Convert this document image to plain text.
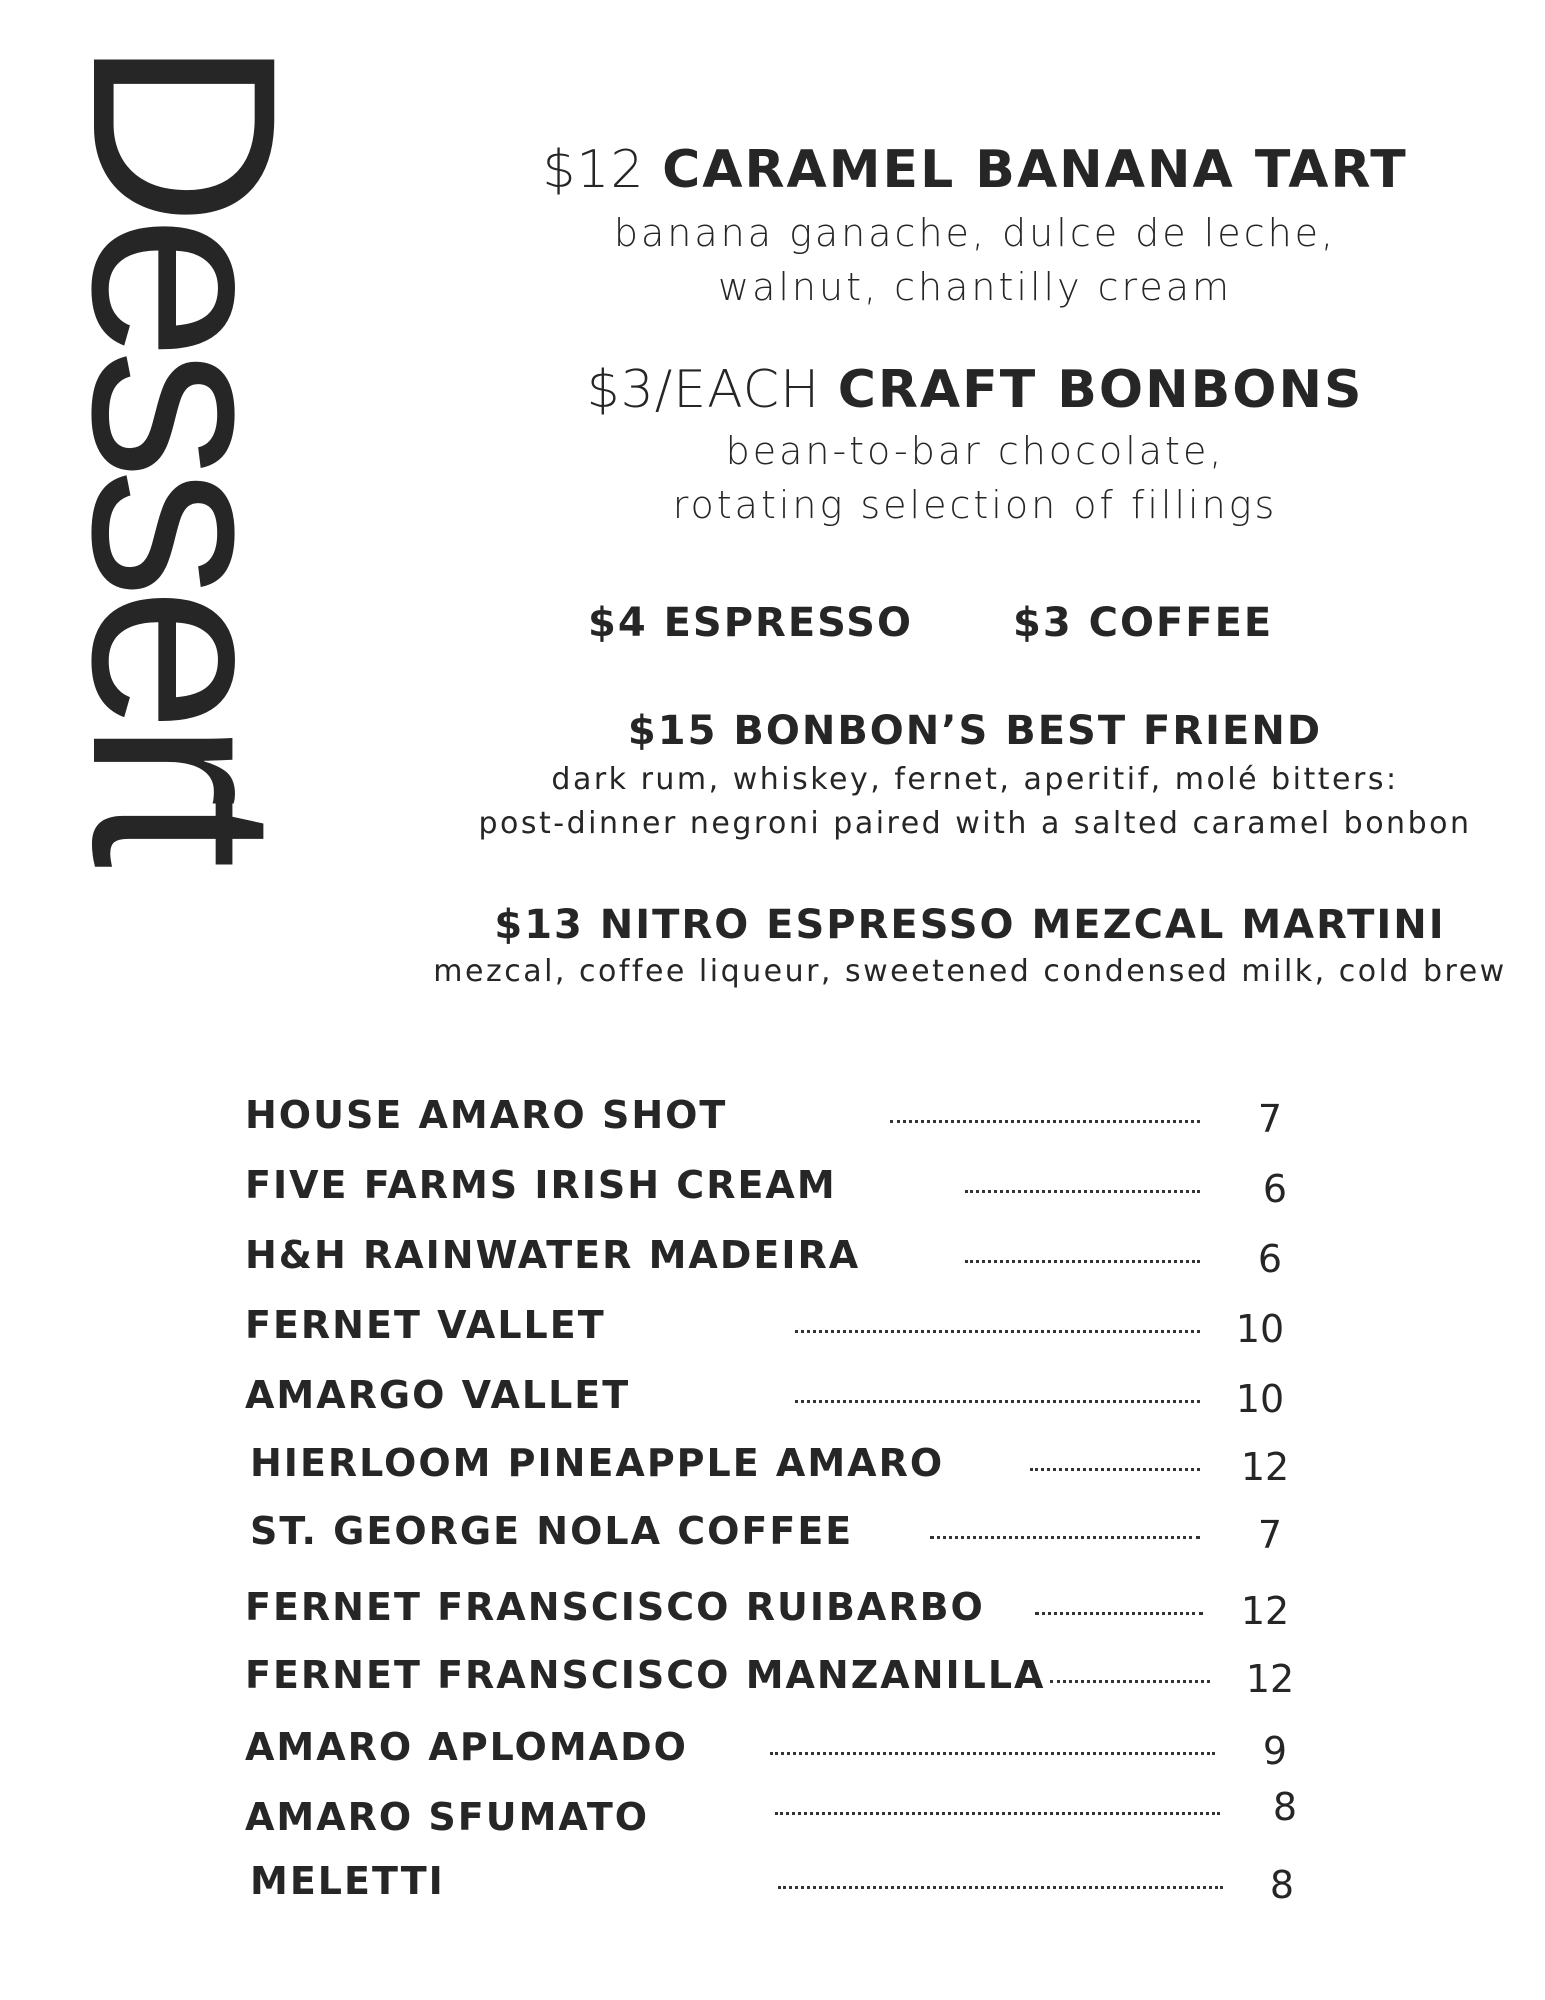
Dessert	$12 CARAMEL BANANA TART
banana ganache, dulce de leche,
walnut, chantilly cream
$3/EACH CRAFT BONBONS
bean-to-bar chocolate,
rotating selection of fillings
$4 ESPRESSO	$3 COFFEE
$15 BONBON’S BEST FRIEND
dark rum, whiskey, fernet, aperitif, molé bitters:
post-dinner negroni paired with a salted caramel bonbon
$13 NITRO ESPRESSO MEZCAL MARTINI
mezcal, coffee liqueur, sweetened condensed milk, cold brew
HOUSE AMARO SHOT	7
FIVE FARMS IRISH CREAM	6
H&H RAINWATER MADEIRA	6
FERNET VALLET	10
AMARGO VALLET	10
HIERLOOM PINEAPPLE AMARO	12
ST. GEORGE NOLA COFFEE	7
FERNET FRANSCISCO RUIBARBO	12
FERNET FRANSCISCO MANZANILLA	12
AMARO APLOMADO	9
AMARO SFUMATO	8
MELETTI	8
